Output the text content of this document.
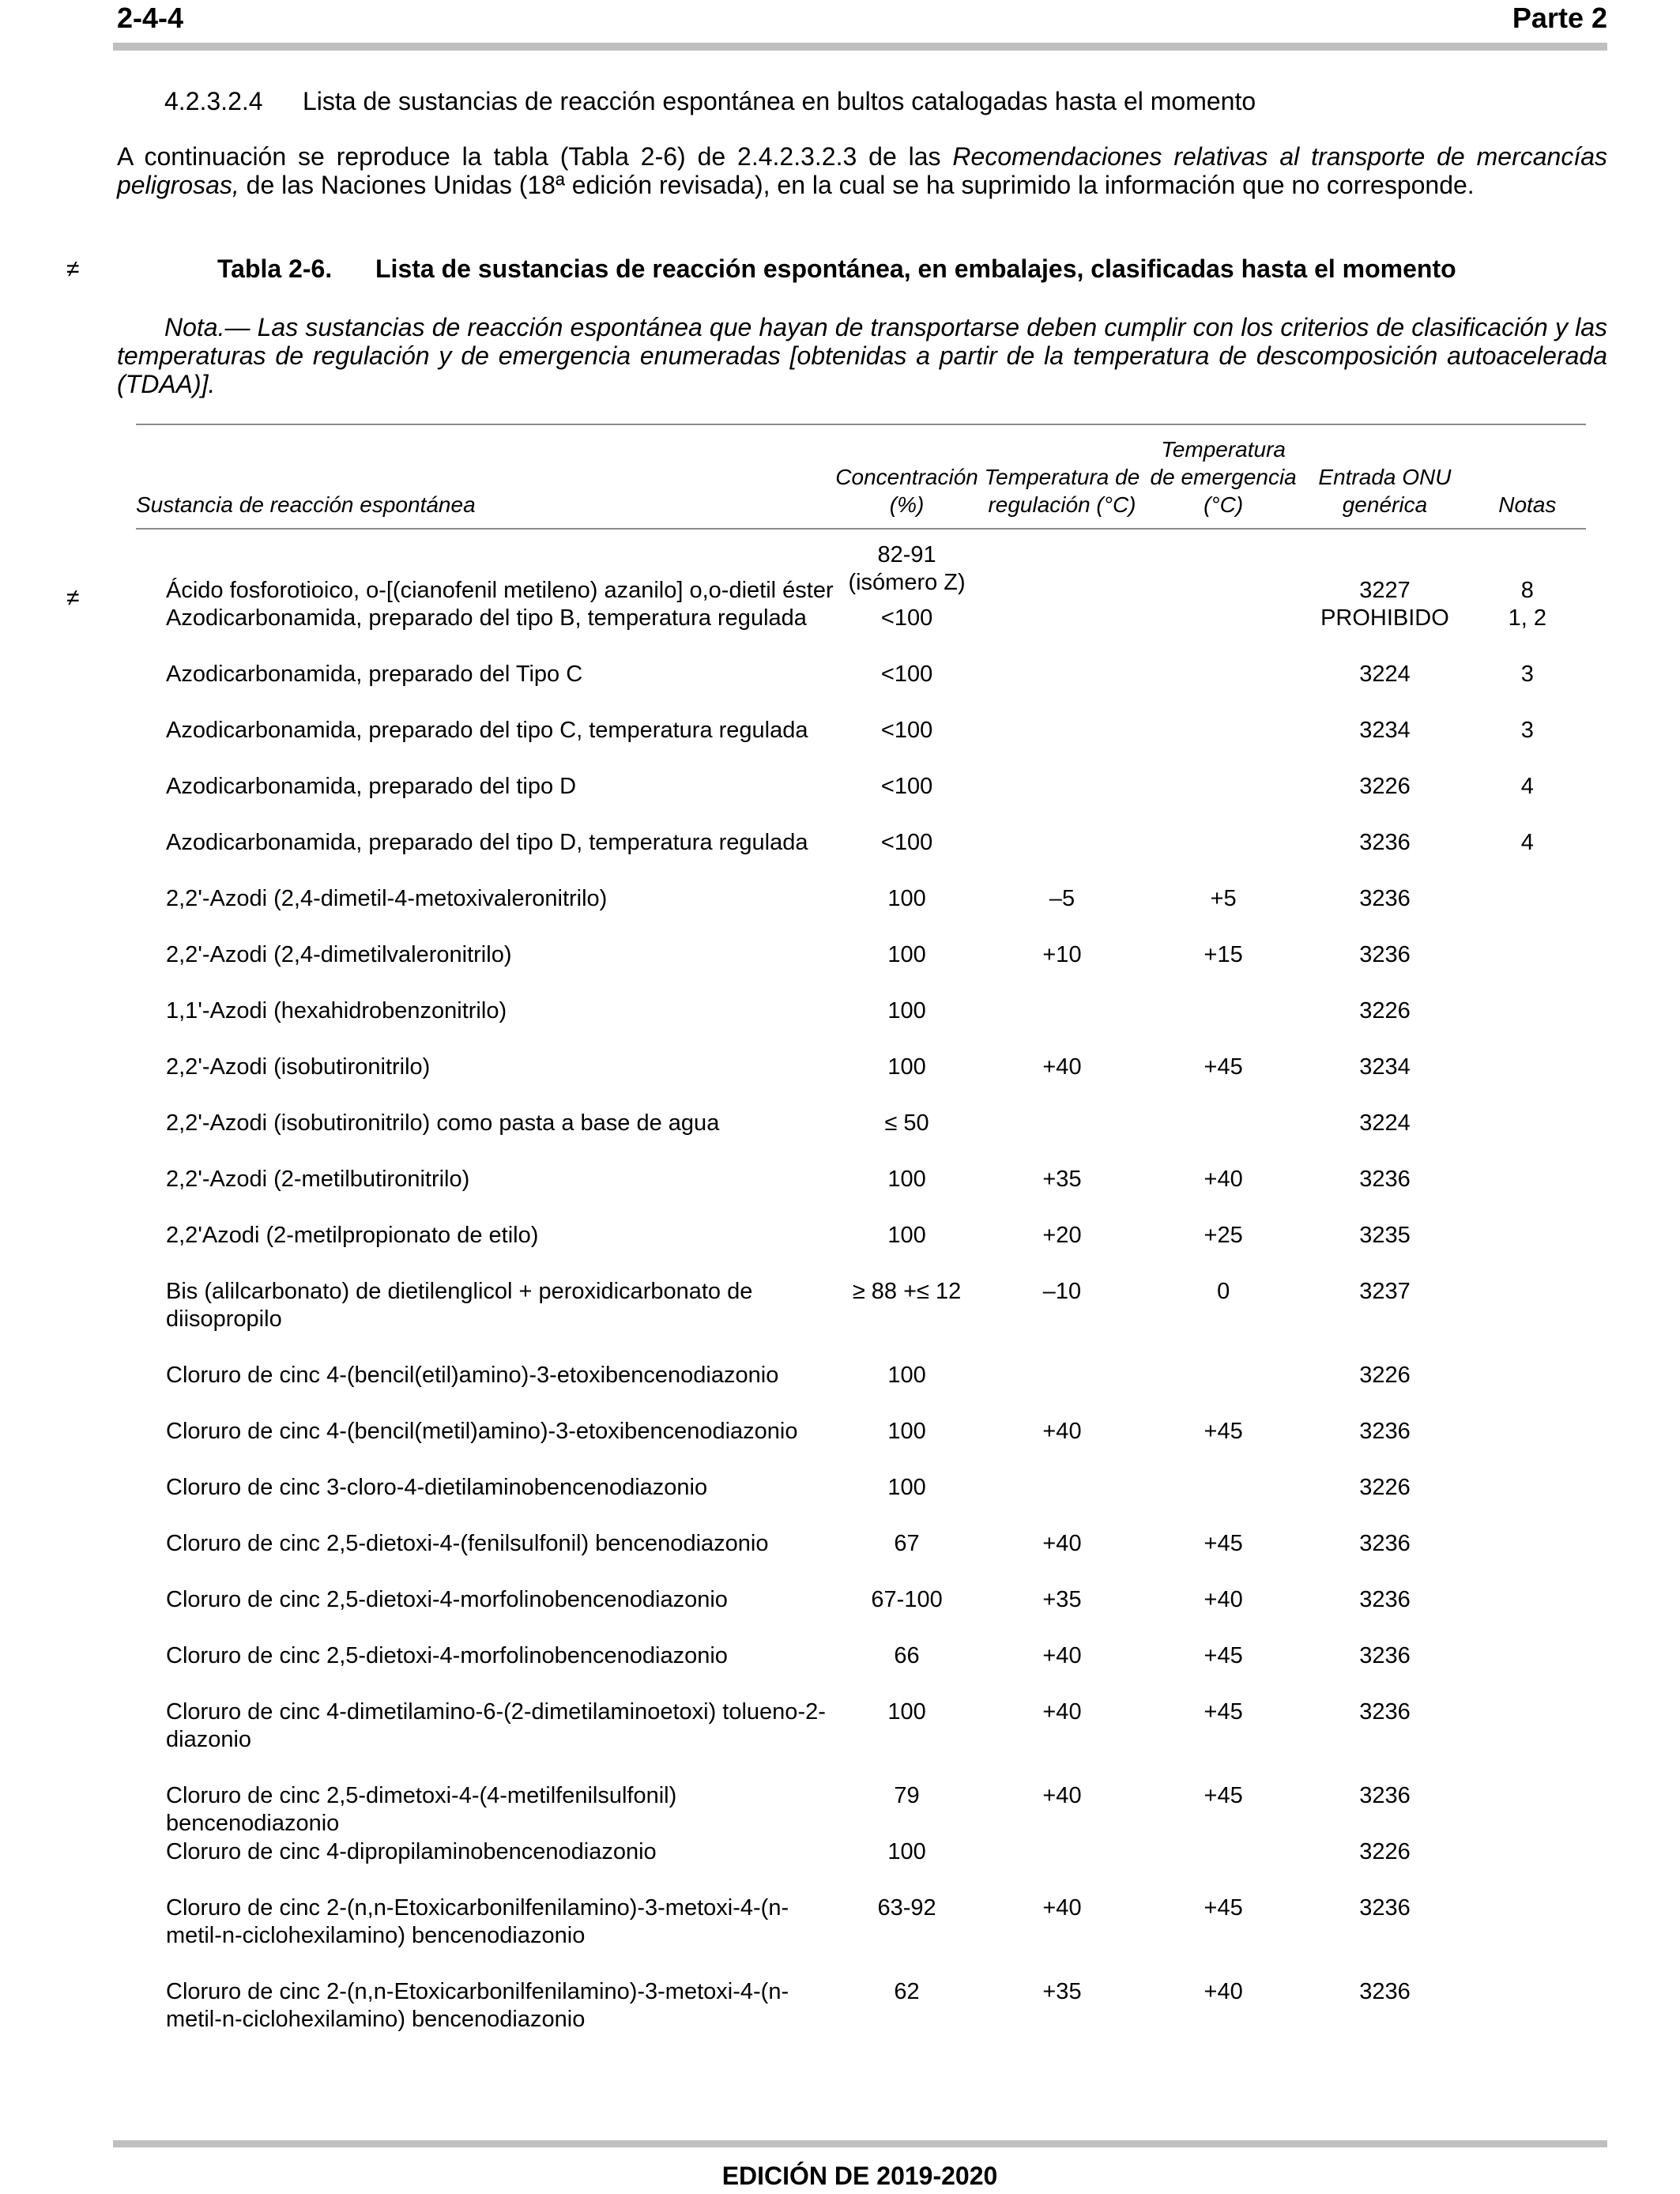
2-4-4	Parte 2
4.2.3.2.4 Lista de sustancias de reacción espontánea en bultos catalogadas hasta el momento
A continuación se reproduce la tabla (Tabla 2-6) de 2.4.2.3.2.3 de las Recomendaciones relativas al transporte de mercancías peligrosas, de las Naciones Unidas (18ª edición revisada), en la cual se ha suprimido la información que no corresponde.
≠	Tabla 2-6. Lista de sustancias de reacción espontánea, en embalajes, clasificadas hasta el momento
Nota.— Las sustancias de reacción espontánea que hayan de transportarse deben cumplir con los criterios de clasificación y las temperaturas de regulación y de emergencia enumeradas [obtenidas a partir de la temperatura de descomposición autoacelerada (TDAA)].
≠
Sustancia de reacción espontánea	Concentración (%)	Temperatura de regulación (°C)	Temperatura de emergencia (°C)	Entrada ONU genérica	Notas

Ácido fosforotioico, o-[(cianofenil metileno) azanilo] o,o-dietil éster	82-91 (isómero Z)			3227	8
Azodicarbonamida, preparado del tipo B, temperatura regulada	<100			PROHIBIDO	1, 2
Azodicarbonamida, preparado del Tipo C	<100			3224	3
Azodicarbonamida, preparado del tipo C, temperatura regulada	<100			3234	3
Azodicarbonamida, preparado del tipo D	<100			3226	4
Azodicarbonamida, preparado del tipo D, temperatura regulada	<100			3236	4
2,2'-Azodi (2,4-dimetil-4-metoxivaleronitrilo)	100	–5	+5	3236	
2,2'-Azodi (2,4-dimetilvaleronitrilo)	100	+10	+15	3236	
1,1'-Azodi (hexahidrobenzonitrilo)	100			3226	
2,2'-Azodi (isobutironitrilo)	100	+40	+45	3234	
2,2'-Azodi (isobutironitrilo) como pasta a base de agua	≤ 50			3224	
2,2'-Azodi (2-metilbutironitrilo)	100	+35	+40	3236	
2,2'Azodi (2-metilpropionato de etilo)	100	+20	+25	3235	
Bis (alilcarbonato) de dietilenglicol + peroxidicarbonato de diisopropilo	≥ 88 +≤ 12	–10	0	3237	
Cloruro de cinc 4-(bencil(etil)amino)-3-etoxibencenodiazonio	100			3226	
Cloruro de cinc 4-(bencil(metil)amino)-3-etoxibencenodiazonio	100	+40	+45	3236	
Cloruro de cinc 3-cloro-4-dietilaminobencenodiazonio	100			3226	
Cloruro de cinc 2,5-dietoxi-4-(fenilsulfonil) bencenodiazonio	67	+40	+45	3236	
Cloruro de cinc 2,5-dietoxi-4-morfolinobencenodiazonio	67-100	+35	+40	3236	
Cloruro de cinc 2,5-dietoxi-4-morfolinobencenodiazonio	66	+40	+45	3236	
Cloruro de cinc 4-dimetilamino-6-(2-dimetilaminoetoxi) tolueno-2-diazonio	100	+40	+45	3236	
Cloruro de cinc 2,5-dimetoxi-4-(4-metilfenilsulfonil) bencenodiazonio	79	+40	+45	3236	
Cloruro de cinc 4-dipropilaminobencenodiazonio	100			3226	
Cloruro de cinc 2-(n,n-Etoxicarbonilfenilamino)-3-metoxi-4-(n-metil-n-ciclohexilamino) bencenodiazonio	63-92	+40	+45	3236	
Cloruro de cinc 2-(n,n-Etoxicarbonilfenilamino)-3-metoxi-4-(n-metil-n-ciclohexilamino) bencenodiazonio	62	+35	+40	3236	
EDICIÓN DE 2019-2020
